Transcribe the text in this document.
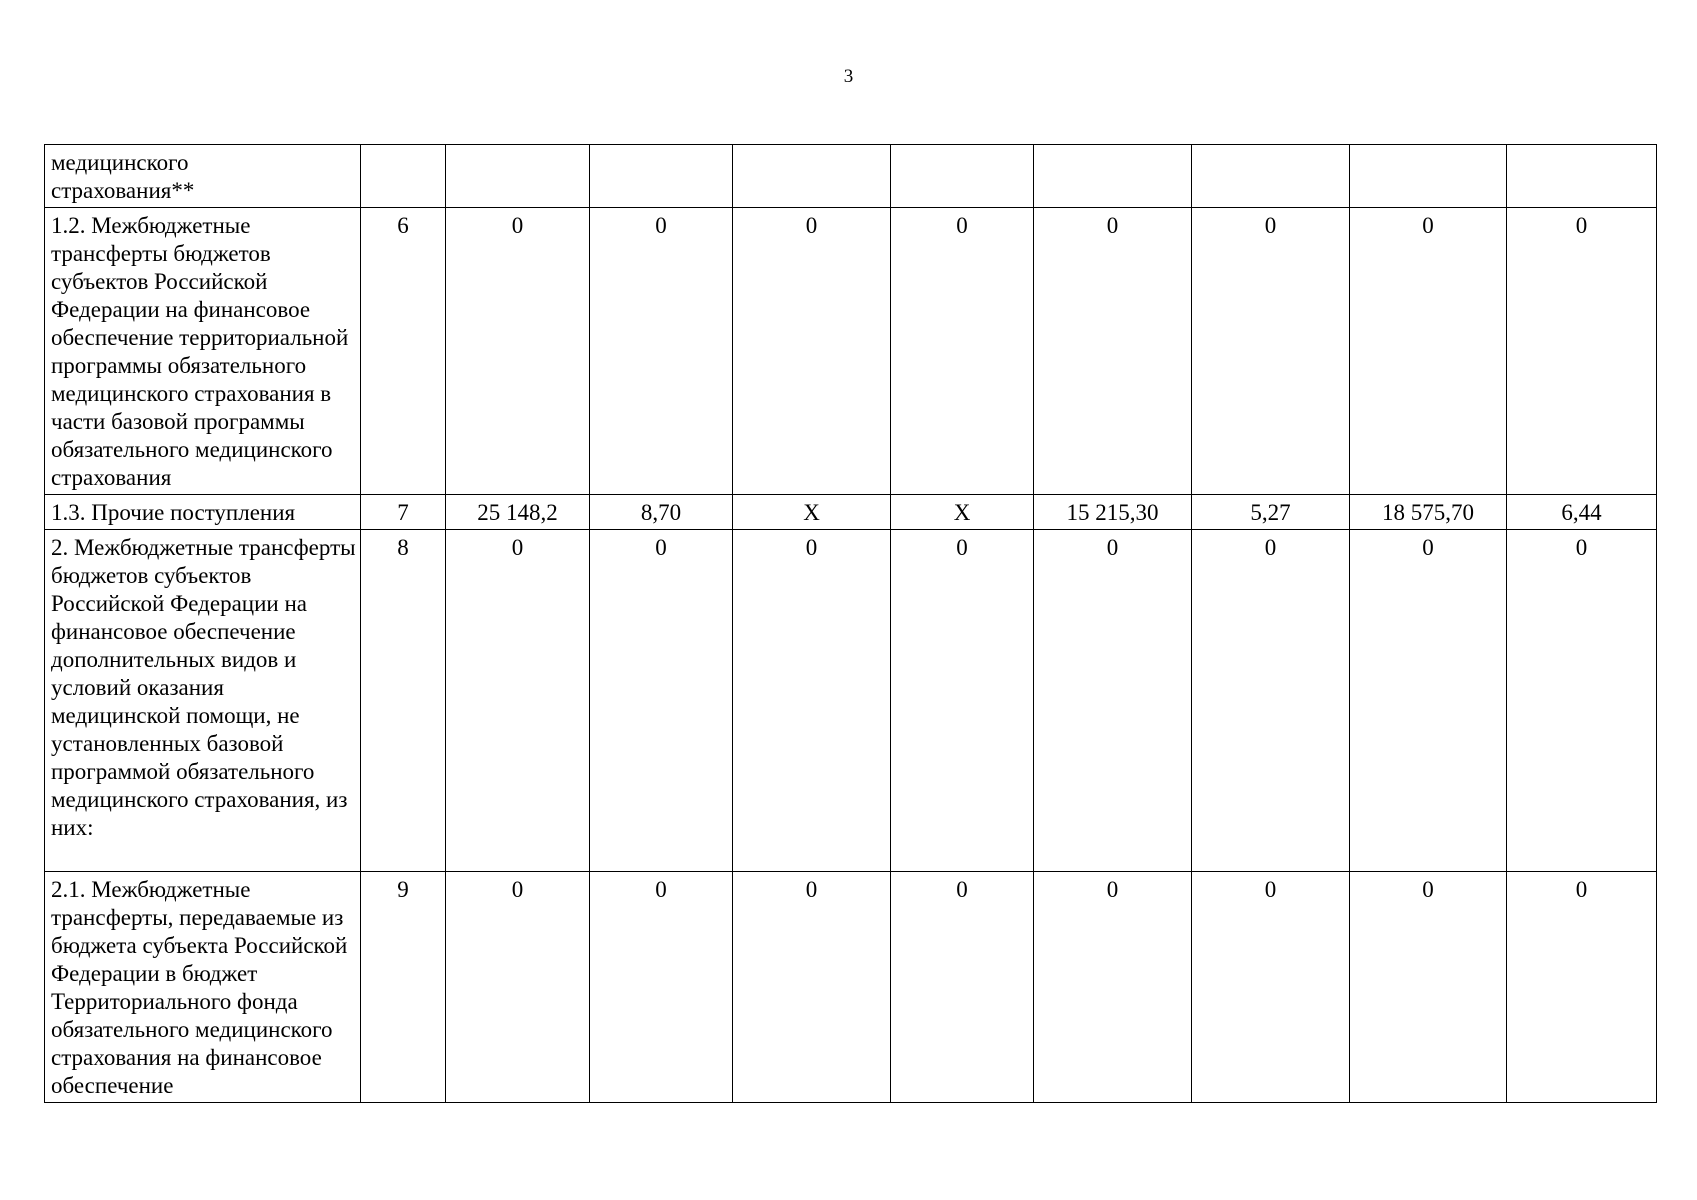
3
медицинского
страхования**									
1.2. Межбюджетные трансферты бюджетов субъектов Российской Федерации на финансовое обеспечение территориальной программы обязательного медицинского страхования в части базовой программы обязательного медицинского страхования	6	0	0	0	0	0	0	0	0
1.3. Прочие поступления	7	25 148,2	8,70	X	X	15 215,30	5,27	18 575,70	6,44
2. Межбюджетные трансферты бюджетов субъектов Российской Федерации на финансовое обеспечение дополнительных видов и условий оказания медицинской помощи, не установленных базовой программой обязательного медицинского страхования, из них:	8	0	0	0	0	0	0	0	0
2.1. Межбюджетные трансферты, передаваемые из бюджета субъекта Российской Федерации в бюджет Территориального фонда обязательного медицинского страхования на финансовое обеспечение	9	0	0	0	0	0	0	0	0
